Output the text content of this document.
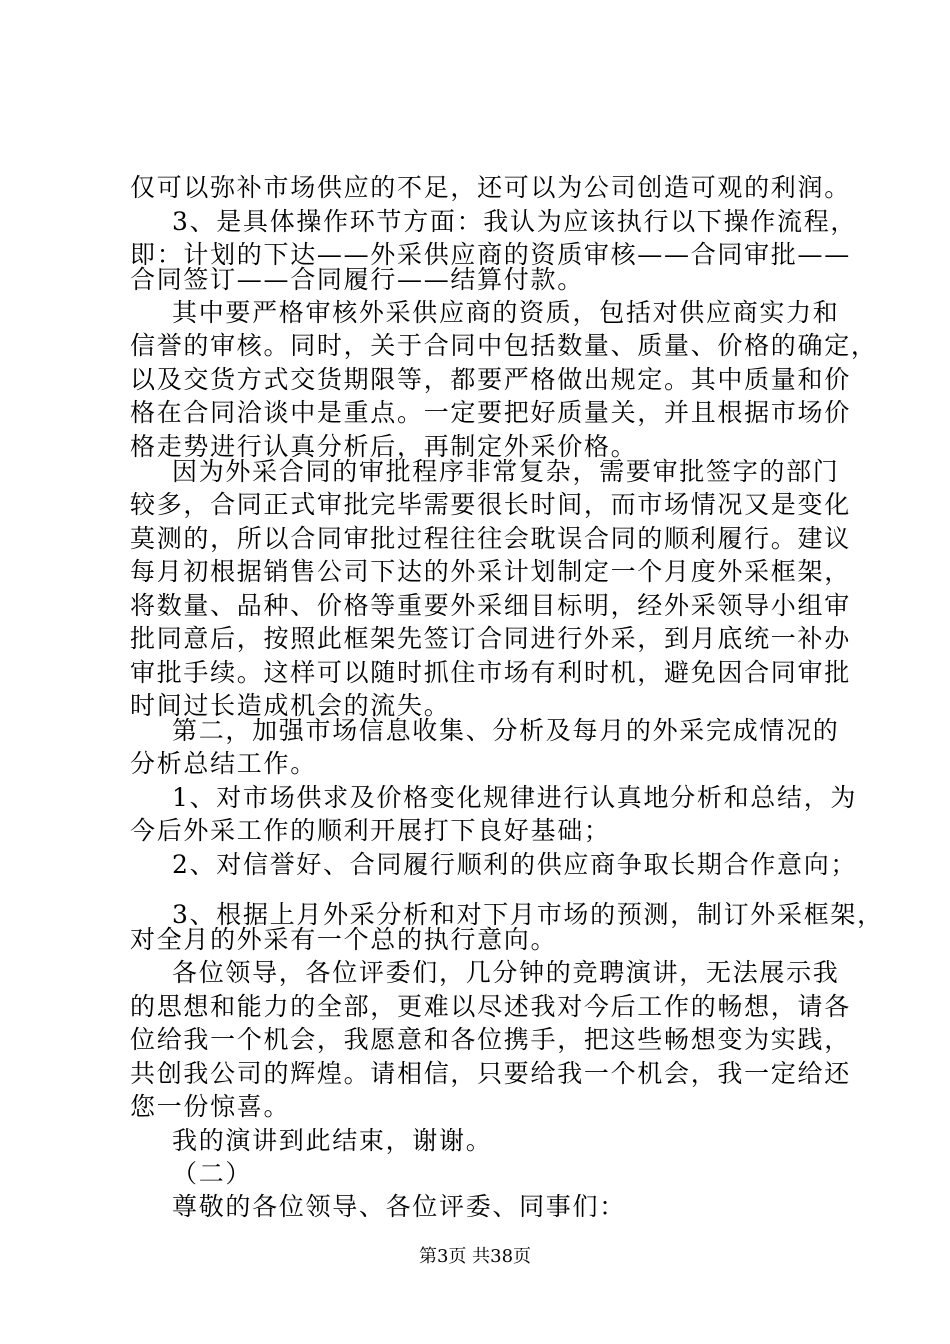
仅可以弥补市场供应的不足，还可以为公司创造可观的利润。
3、是具体操作环节方面：我认为应该执行以下操作流程，
即：计划的下达——外采供应商的资质审核——合同审批——
合同签订——合同履行——结算付款。
其中要严格审核外采供应商的资质，包括对供应商实力和
信誉的审核。同时，关于合同中包括数量、质量、价格的确定，
以及交货方式交货期限等，都要严格做出规定。其中质量和价
格在合同洽谈中是重点。一定要把好质量关，并且根据市场价
格走势进行认真分析后，再制定外采价格。
因为外采合同的审批程序非常复杂，需要审批签字的部门
较多，合同正式审批完毕需要很长时间，而市场情况又是变化
莫测的，所以合同审批过程往往会耽误合同的顺利履行。建议
每月初根据销售公司下达的外采计划制定一个月度外采框架，
将数量、品种、价格等重要外采细目标明，经外采领导小组审
批同意后，按照此框架先签订合同进行外采，到月底统一补办
审批手续。这样可以随时抓住市场有利时机，避免因合同审批
时间过长造成机会的流失。
第二，加强市场信息收集、分析及每月的外采完成情况的
分析总结工作。
1、对市场供求及价格变化规律进行认真地分析和总结，为
今后外采工作的顺利开展打下良好基础；
2、对信誉好、合同履行顺利的供应商争取长期合作意向；
3、根据上月外采分析和对下月市场的预测，制订外采框架，
对全月的外采有一个总的执行意向。
各位领导，各位评委们，几分钟的竞聘演讲，无法展示我
的思想和能力的全部，更难以尽述我对今后工作的畅想，请各
位给我一个机会，我愿意和各位携手，把这些畅想变为实践，
共创我公司的辉煌。请相信，只要给我一个机会，我一定给还
您一份惊喜。
我的演讲到此结束，谢谢。
（二）
尊敬的各位领导、各位评委、同事们：
第3页 共38页
